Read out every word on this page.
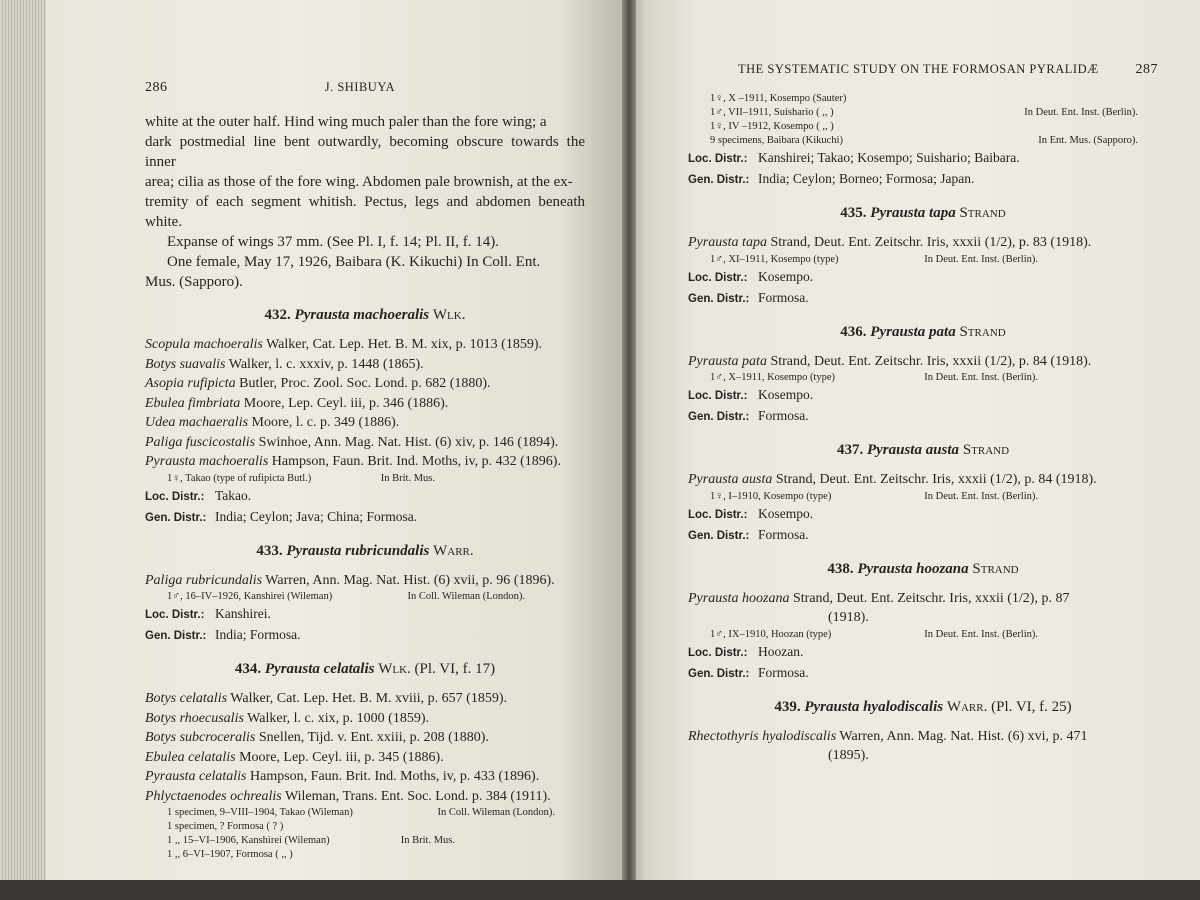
286	J. SHIBUYA

white at the outer half. Hind wing much paler than the fore wing; a

dark postmedial line bent outwardly, becoming obscure towards the inner

area; cilia as those of the fore wing. Abdomen pale brownish, at the ex-

tremity of each segment whitish. Pectus, legs and abdomen beneath white.

Expanse of wings 37 mm. (See Pl. I, f. 14; Pl. II, f. 14).

One female, May 17, 1926, Baibara (K. Kikuchi) In Coll. Ent.

Mus. (Sapporo).

432. Pyrausta machoeralis Wlk.
Scopula machoeralis Walker, Cat. Lep. Het. B. M. xix, p. 1013 (1859).
Botys suavalis Walker, l. c. xxxiv, p. 1448 (1865).
Asopia rufipicta Butler, Proc. Zool. Soc. Lond. p. 682 (1880).
Ebulea fimbriata Moore, Lep. Ceyl. iii, p. 346 (1886).
Udea machaeralis Moore, l. c. p. 349 (1886).
Paliga fuscicostalis Swinhoe, Ann. Mag. Nat. Hist. (6) xiv, p. 146 (1894).
Pyrausta machoeralis Hampson, Faun. Brit. Ind. Moths, iv, p. 432 (1896).
1♀, Takao (type of rufipicta Butl.)	In Brit. Mus.
Loc. Distr.: Takao.
Gen. Distr.: India; Ceylon; Java; China; Formosa.
433. Pyrausta rubricundalis Warr.
Paliga rubricundalis Warren, Ann. Mag. Nat. Hist. (6) xvii, p. 96 (1896).
1♂, 16–IV–1926, Kanshirei (Wileman)	In Coll. Wileman (London).
Loc. Distr.: Kanshirei.
Gen. Distr.: India; Formosa.
434. Pyrausta celatalis Wlk. (Pl. VI, f. 17)
Botys celatalis Walker, Cat. Lep. Het. B. M. xviii, p. 657 (1859).
Botys rhoecusalis Walker, l. c. xix, p. 1000 (1859).
Botys subcroceralis Snellen, Tijd. v. Ent. xxiii, p. 208 (1880).
Ebulea celatalis Moore, Lep. Ceyl. iii, p. 345 (1886).
Pyrausta celatalis Hampson, Faun. Brit. Ind. Moths, iv, p. 433 (1896).
Phlyctaenodes ochrealis Wileman, Trans. Ent. Soc. Lond. p. 384 (1911).
1 specimen, 9–VIII–1904, Takao (Wileman)	In Coll. Wileman (London).
1 specimen, ? Formosa ( ? )
1 ,, 15–VI–1906, Kanshirei (Wileman)	In Brit. Mus.
1 ,, 6–VI–1907, Formosa ( ,, )
THE SYSTEMATIC STUDY ON THE FORMOSAN PYRALIDÆ	287
1♀, X –1911, Kosempo (Sauter)
1♂, VII–1911, Suishario ( ,, )	In Deut. Ent. Inst. (Berlin).
1♀, IV –1912, Kosempo ( ,, )
9 specimens, Baibara (Kikuchi)	In Ent. Mus. (Sapporo).
Loc. Distr.: Kanshirei; Takao; Kosempo; Suishario; Baibara.
Gen. Distr.: India; Ceylon; Borneo; Formosa; Japan.
435. Pyrausta tapa Strand
Pyrausta tapa Strand, Deut. Ent. Zeitschr. Iris, xxxii (1/2), p. 83 (1918).
1♂, XI–1911, Kosempo (type)	In Deut. Ent. Inst. (Berlin).
Loc. Distr.: Kosempo.
Gen. Distr.: Formosa.
436. Pyrausta pata Strand
Pyrausta pata Strand, Deut. Ent. Zeitschr. Iris, xxxii (1/2), p. 84 (1918).
1♂, X–1911, Kosempo (type)	In Deut. Ent. Inst. (Berlin).
Loc. Distr.: Kosempo.
Gen. Distr.: Formosa.
437. Pyrausta austa Strand
Pyrausta austa Strand, Deut. Ent. Zeitschr. Iris, xxxii (1/2), p. 84 (1918).
1♀, I–1910, Kosempo (type)	In Deut. Ent. Inst. (Berlin).
Loc. Distr.: Kosempo.
Gen. Distr.: Formosa.
438. Pyrausta hoozana Strand
Pyrausta hoozana Strand, Deut. Ent. Zeitschr. Iris, xxxii (1/2), p. 87
(1918).
1♂, IX–1910, Hoozan (type)	In Deut. Ent. Inst. (Berlin).
Loc. Distr.: Hoozan.
Gen. Distr.: Formosa.
439. Pyrausta hyalodiscalis Warr. (Pl. VI, f. 25)
Rhectothyris hyalodiscalis Warren, Ann. Mag. Nat. Hist. (6) xvi, p. 471
(1895).
